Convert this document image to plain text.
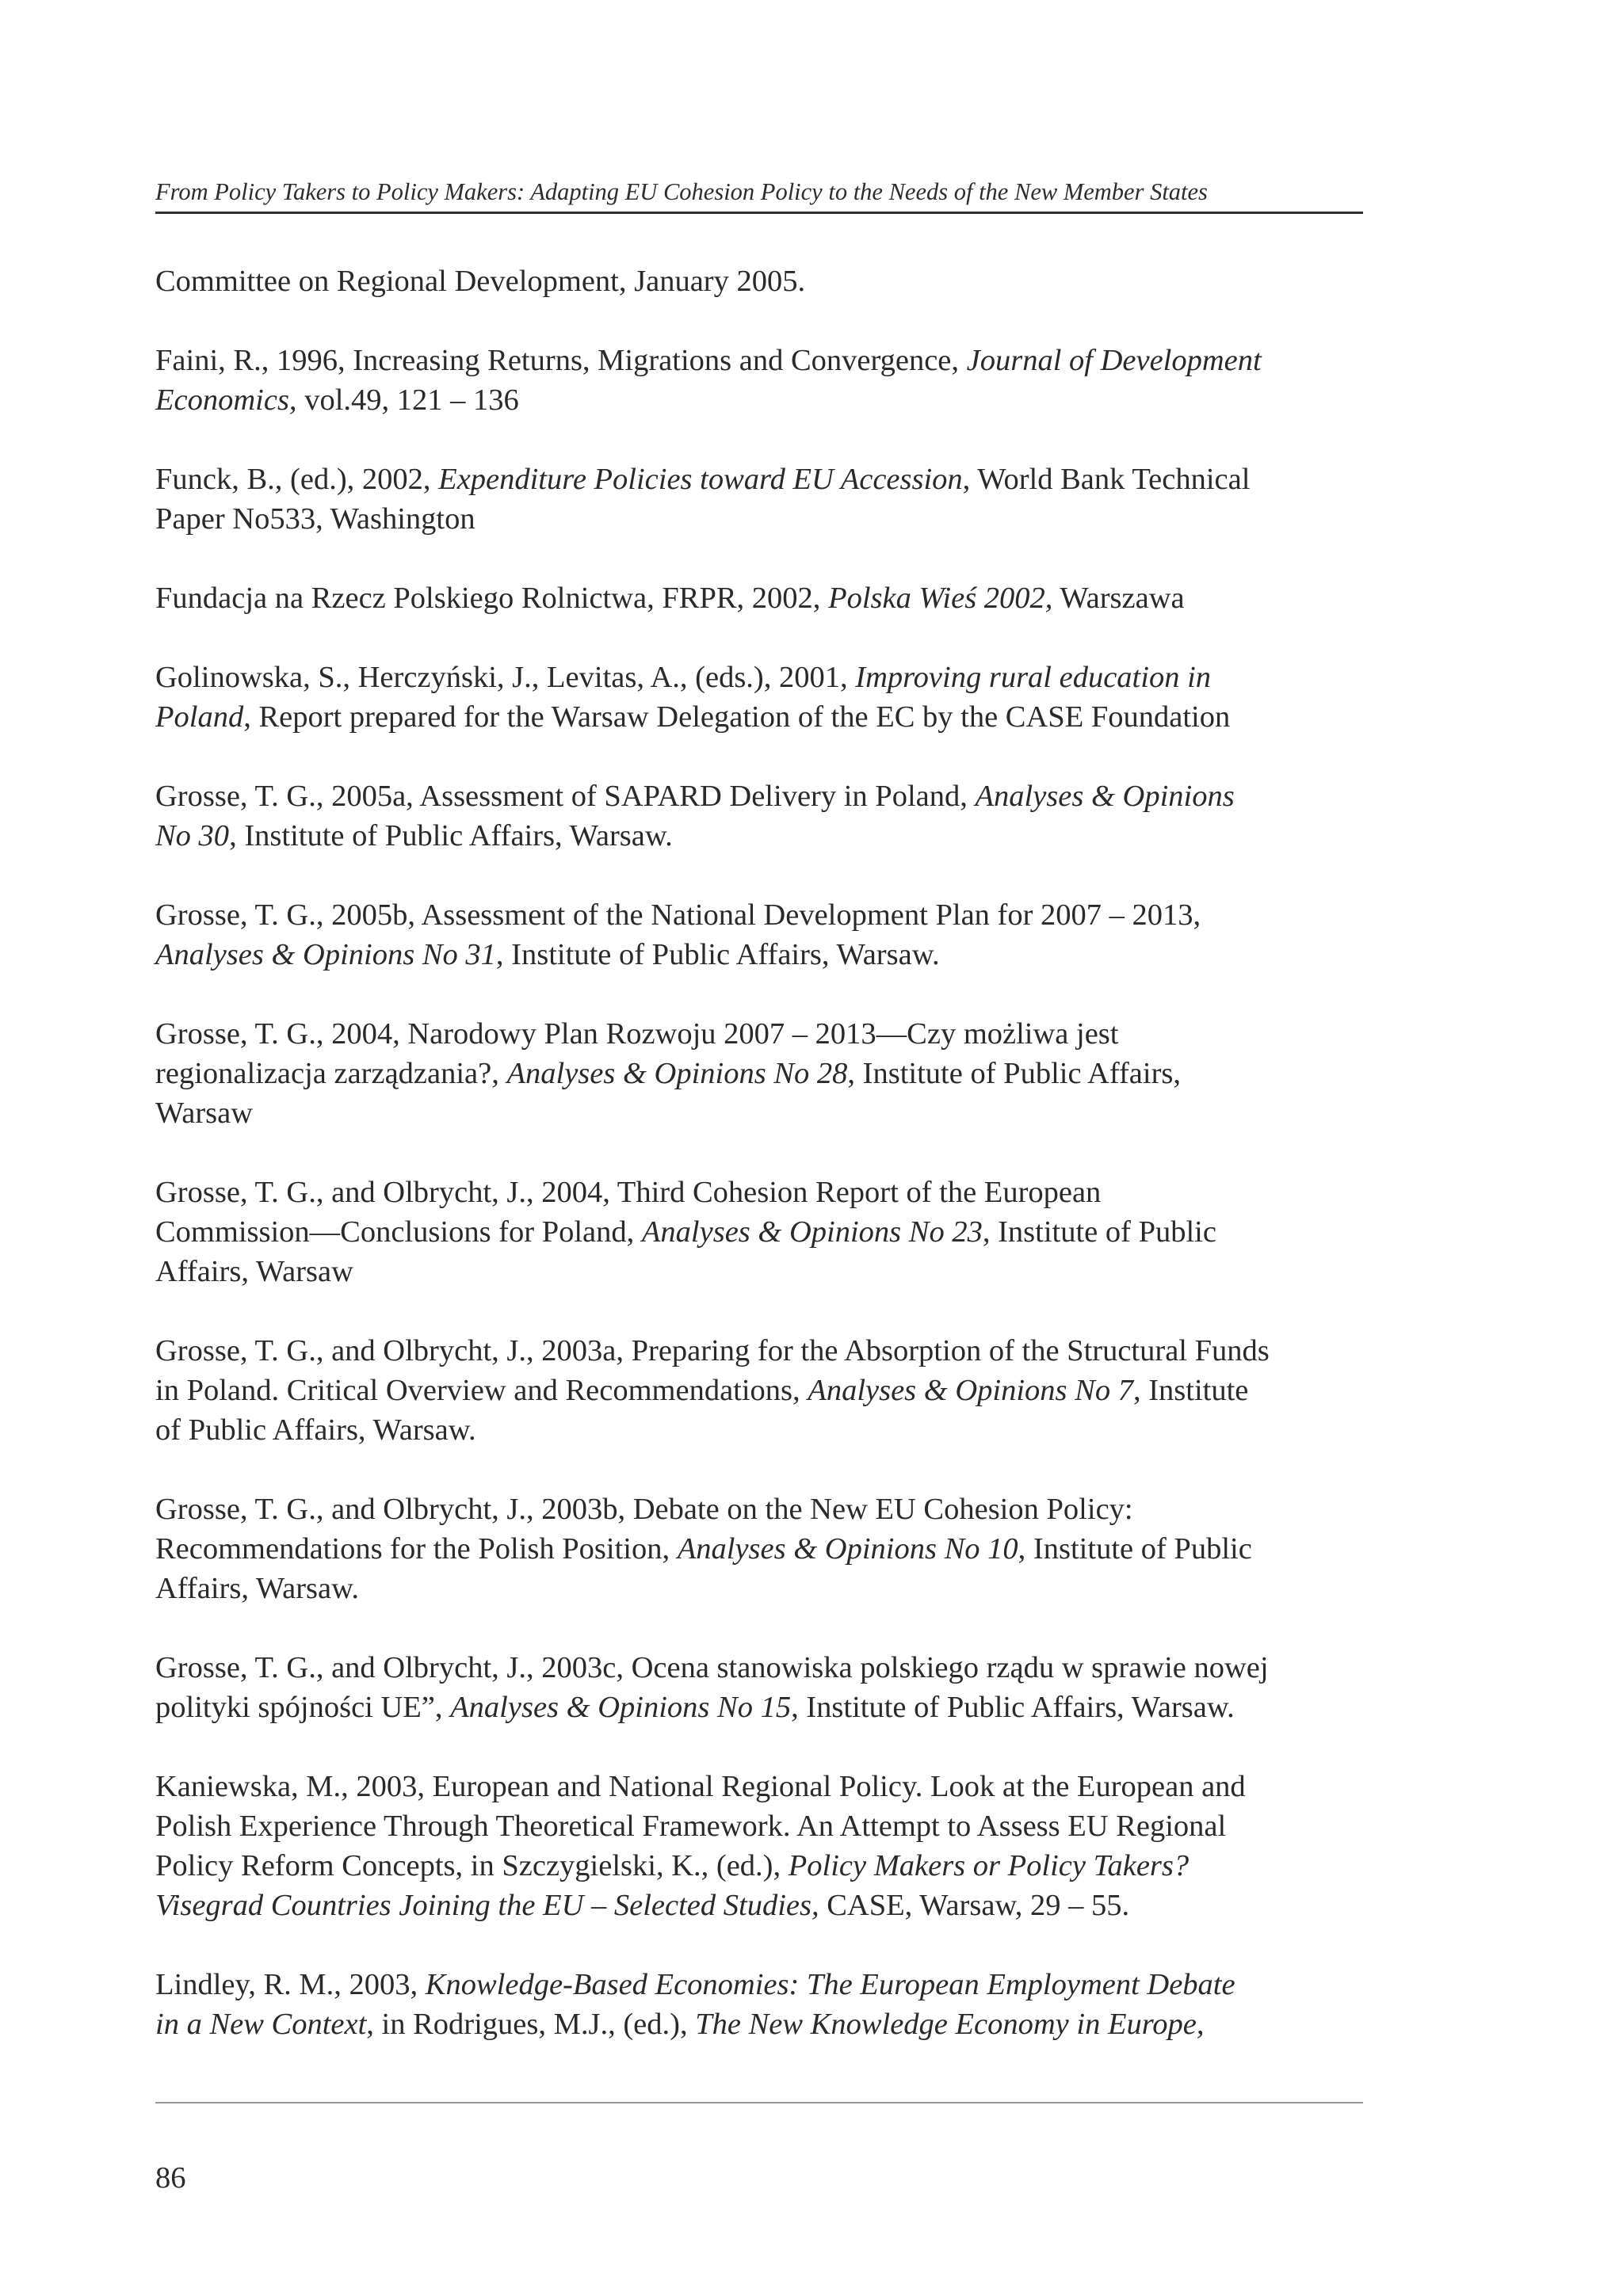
From Policy Takers to Policy Makers: Adapting EU Cohesion Policy to the Needs of the New Member States

Committee on Regional Development, January 2005.

Faini, R., 1996, Increasing Returns, Migrations and Convergence, Journal of Development
Economics, vol.49, 121 – 136

Funck, B., (ed.), 2002, Expenditure Policies toward EU Accession, World Bank Technical
Paper No533, Washington

Fundacja na Rzecz Polskiego Rolnictwa, FRPR, 2002, Polska Wieś 2002, Warszawa

Golinowska, S., Herczyński, J., Levitas, A., (eds.), 2001, Improving rural education in
Poland, Report prepared for the Warsaw Delegation of the EC by the CASE Foundation

Grosse, T. G., 2005a, Assessment of SAPARD Delivery in Poland, Analyses & Opinions
No 30, Institute of Public Affairs, Warsaw.

Grosse, T. G., 2005b, Assessment of the National Development Plan for 2007 – 2013,
Analyses & Opinions No 31, Institute of Public Affairs, Warsaw.

Grosse, T. G., 2004, Narodowy Plan Rozwoju 2007 – 2013—Czy możliwa jest
regionalizacja zarządzania?, Analyses & Opinions No 28, Institute of Public Affairs,
Warsaw

Grosse, T. G., and Olbrycht, J., 2004, Third Cohesion Report of the European
Commission—Conclusions for Poland, Analyses & Opinions No 23, Institute of Public
Affairs, Warsaw

Grosse, T. G., and Olbrycht, J., 2003a, Preparing for the Absorption of the Structural Funds
in Poland. Critical Overview and Recommendations, Analyses & Opinions No 7, Institute
of Public Affairs, Warsaw.

Grosse, T. G., and Olbrycht, J., 2003b, Debate on the New EU Cohesion Policy:
Recommendations for the Polish Position, Analyses & Opinions No 10, Institute of Public
Affairs, Warsaw.

Grosse, T. G., and Olbrycht, J., 2003c, Ocena stanowiska polskiego rządu w sprawie nowej
polityki spójności UE”, Analyses & Opinions No 15, Institute of Public Affairs, Warsaw.

Kaniewska, M., 2003, European and National Regional Policy. Look at the European and
Polish Experience Through Theoretical Framework. An Attempt to Assess EU Regional
Policy Reform Concepts, in Szczygielski, K., (ed.), Policy Makers or Policy Takers?
Visegrad Countries Joining the EU – Selected Studies, CASE, Warsaw, 29 – 55.

Lindley, R. M., 2003, Knowledge-Based Economies: The European Employment Debate
in a New Context, in Rodrigues, M.J., (ed.), The New Knowledge Economy in Europe,

86
